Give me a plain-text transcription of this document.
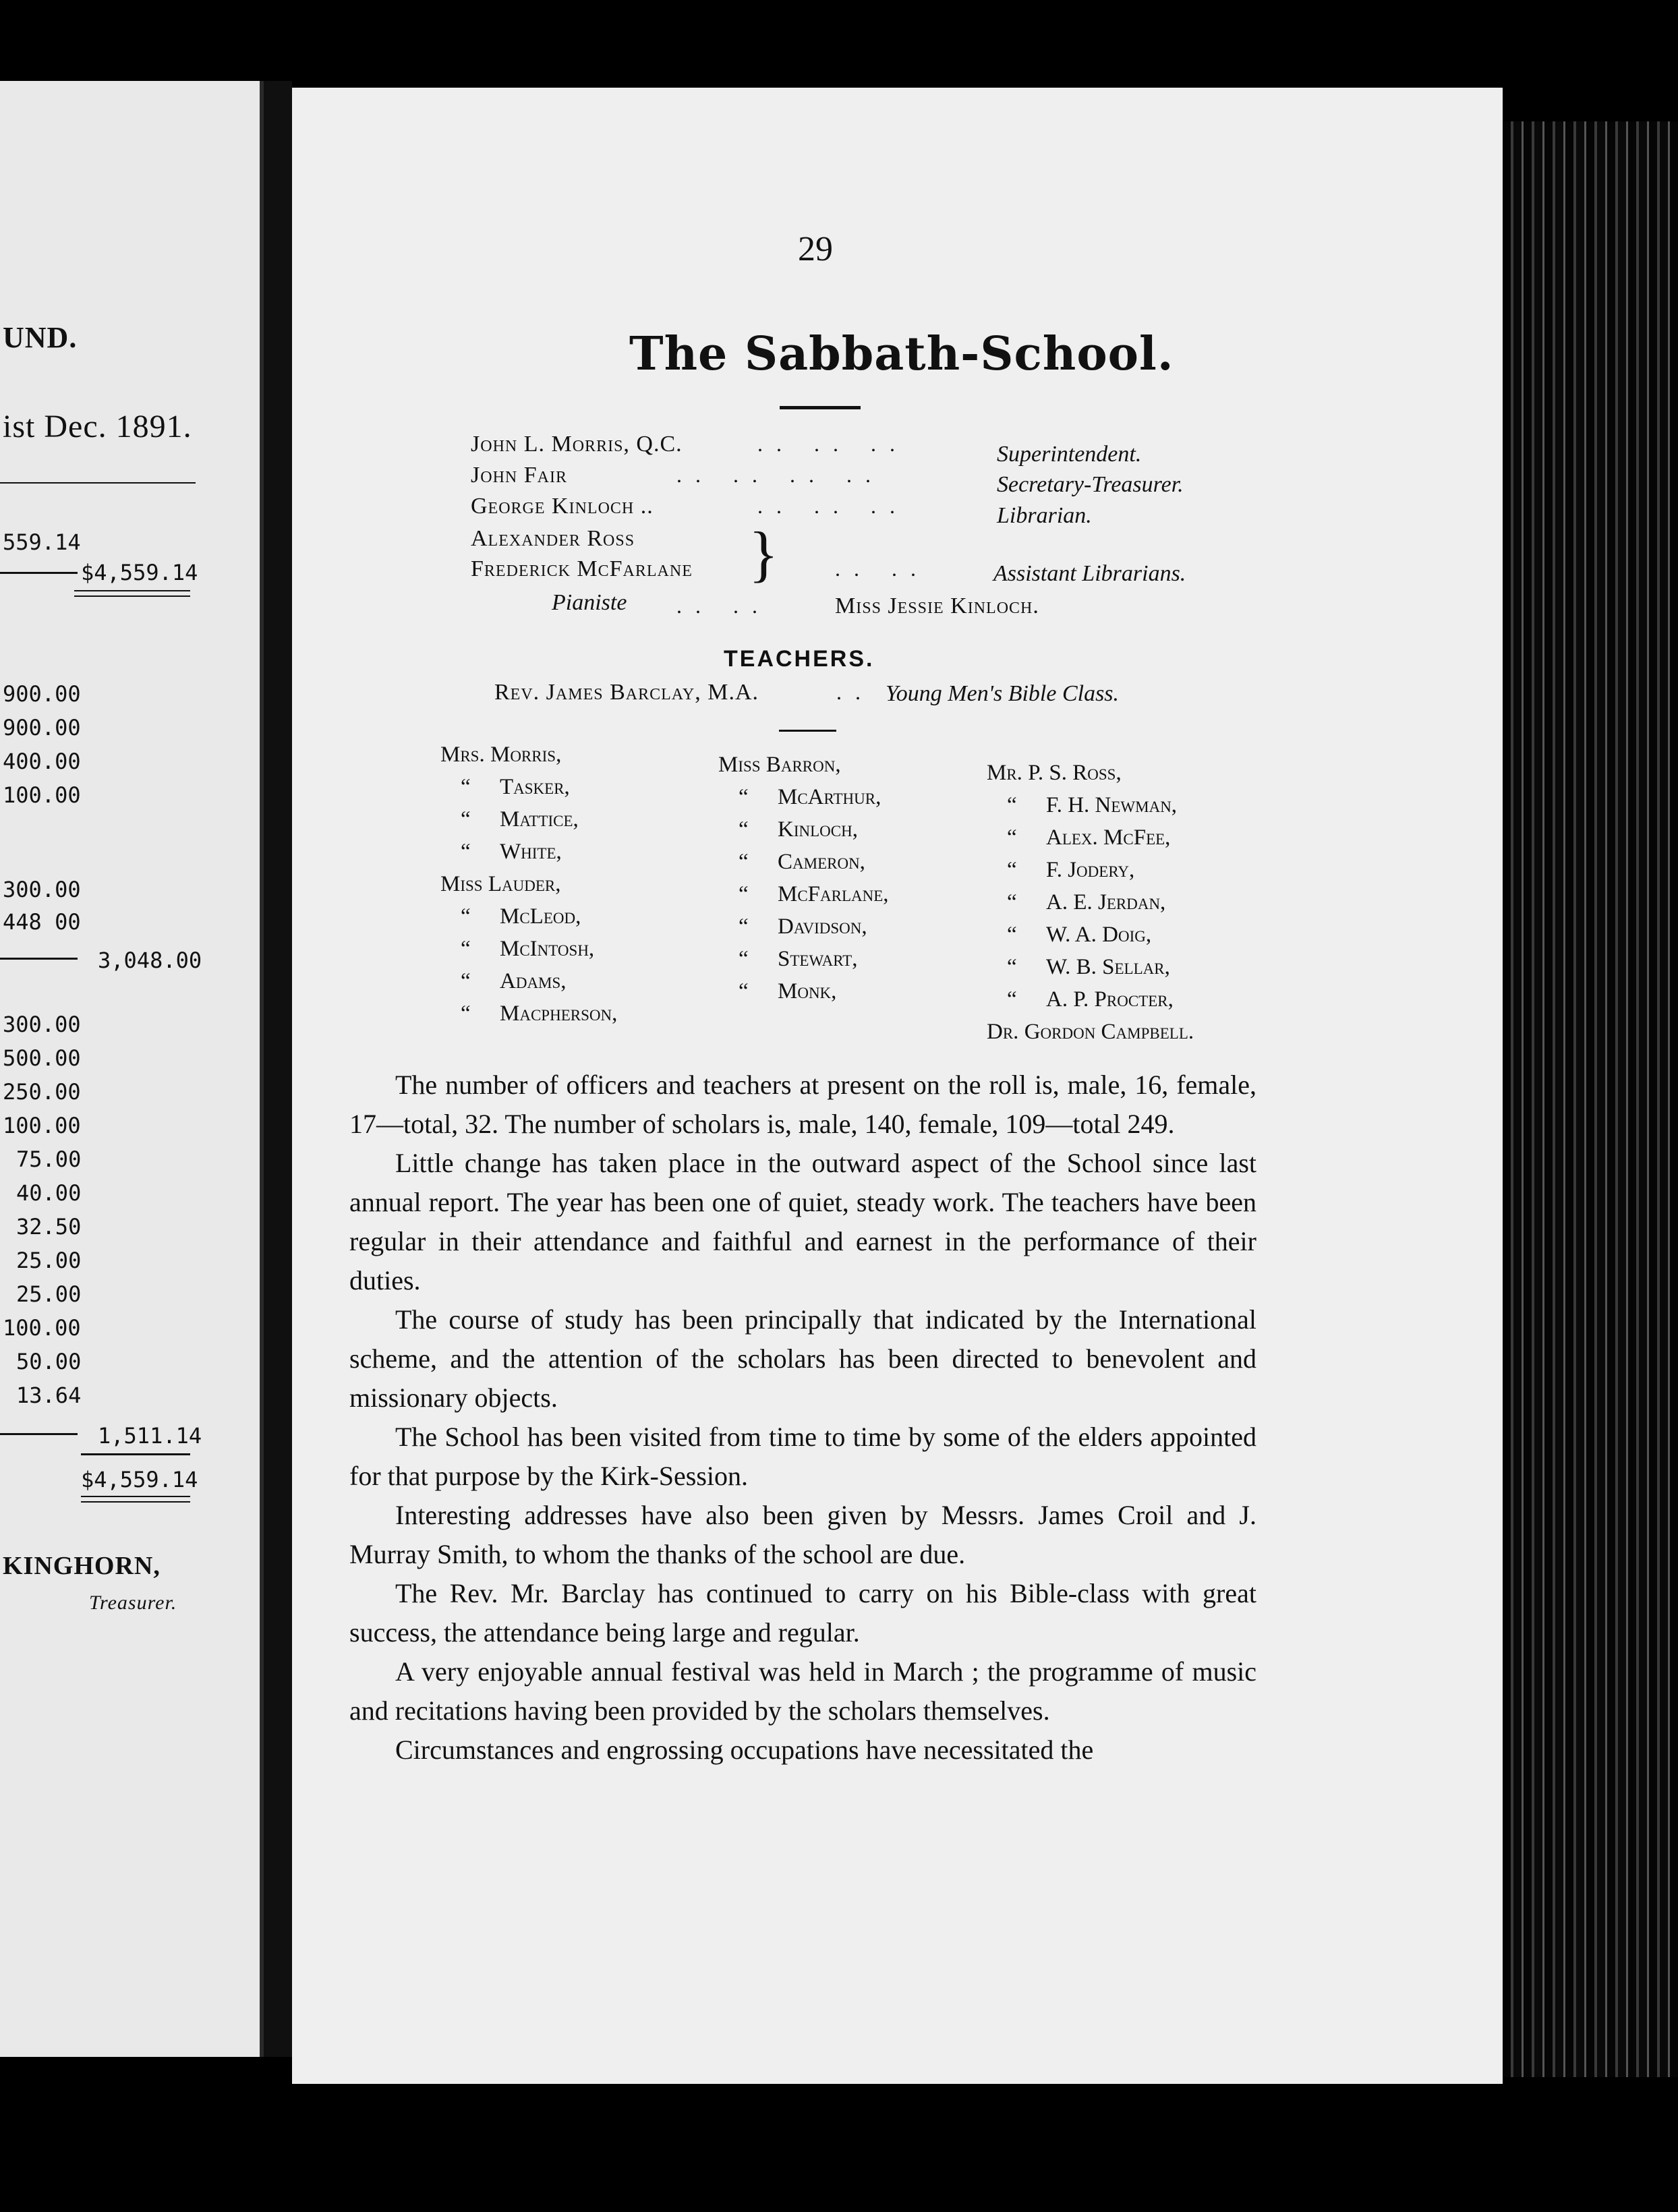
UND.
ist Dec. 1891.
559.14
$4,559.14
900.00
900.00
400.00
100.00
300.00
448 00
3,048.00
300.00
500.00
250.00
100.00
75.00
40.00
32.50
25.00
25.00
100.00
50.00
13.64
1,511.14
$4,559.14
KINGHORN,
Treasurer.
29
The Sabbath-School.
John L. Morris, Q.C.	.. .. ..	Superintendent.
John Fair	.. .. .. ..	Secretary-Treasurer.
George Kinloch ..	.. .. ..	Librarian.
Alexander Ross
Frederick McFarlane }	.. ..	Assistant Librarians.
Pianiste .. ..	Miss Jessie Kinloch.
TEACHERS.
Rev. James Barclay, M.A.	.. Young Men's Bible Class.
Mrs. Morris,
“ Tasker,
“ Mattice,
“ White,
Miss Lauder,
“ McLeod,
“ McIntosh,
“ Adams,
“ Macpherson,
Miss Barron,
“ McArthur,
“ Kinloch,
“ Cameron,
“ McFarlane,
“ Davidson,
“ Stewart,
“ Monk,
Mr. P. S. Ross,
“ F. H. Newman,
“ Alex. McFee,
“ F. Jodery,
“ A. E. Jerdan,
“ W. A. Doig,
“ W. B. Sellar,
“ A. P. Procter,
Dr. Gordon Campbell.

The number of officers and teachers at present on the roll is, male, 16, female, 17—total, 32. The number of scholars is, male, 140, female, 109—total 249.

Little change has taken place in the outward aspect of the School since last annual report. The year has been one of quiet, steady work. The teachers have been regular in their attendance and faithful and earnest in the performance of their duties.

The course of study has been principally that indicated by the International scheme, and the attention of the scholars has been directed to benevolent and missionary objects.

The School has been visited from time to time by some of the elders appointed for that purpose by the Kirk-Session.

Interesting addresses have also been given by Messrs. James Croil and J. Murray Smith, to whom the thanks of the school are due.

The Rev. Mr. Barclay has continued to carry on his Bible-class with great success, the attendance being large and regular.

A very enjoyable annual festival was held in March ; the programme of music and recitations having been provided by the scholars themselves.

Circumstances and engrossing occupations have necessitated the
